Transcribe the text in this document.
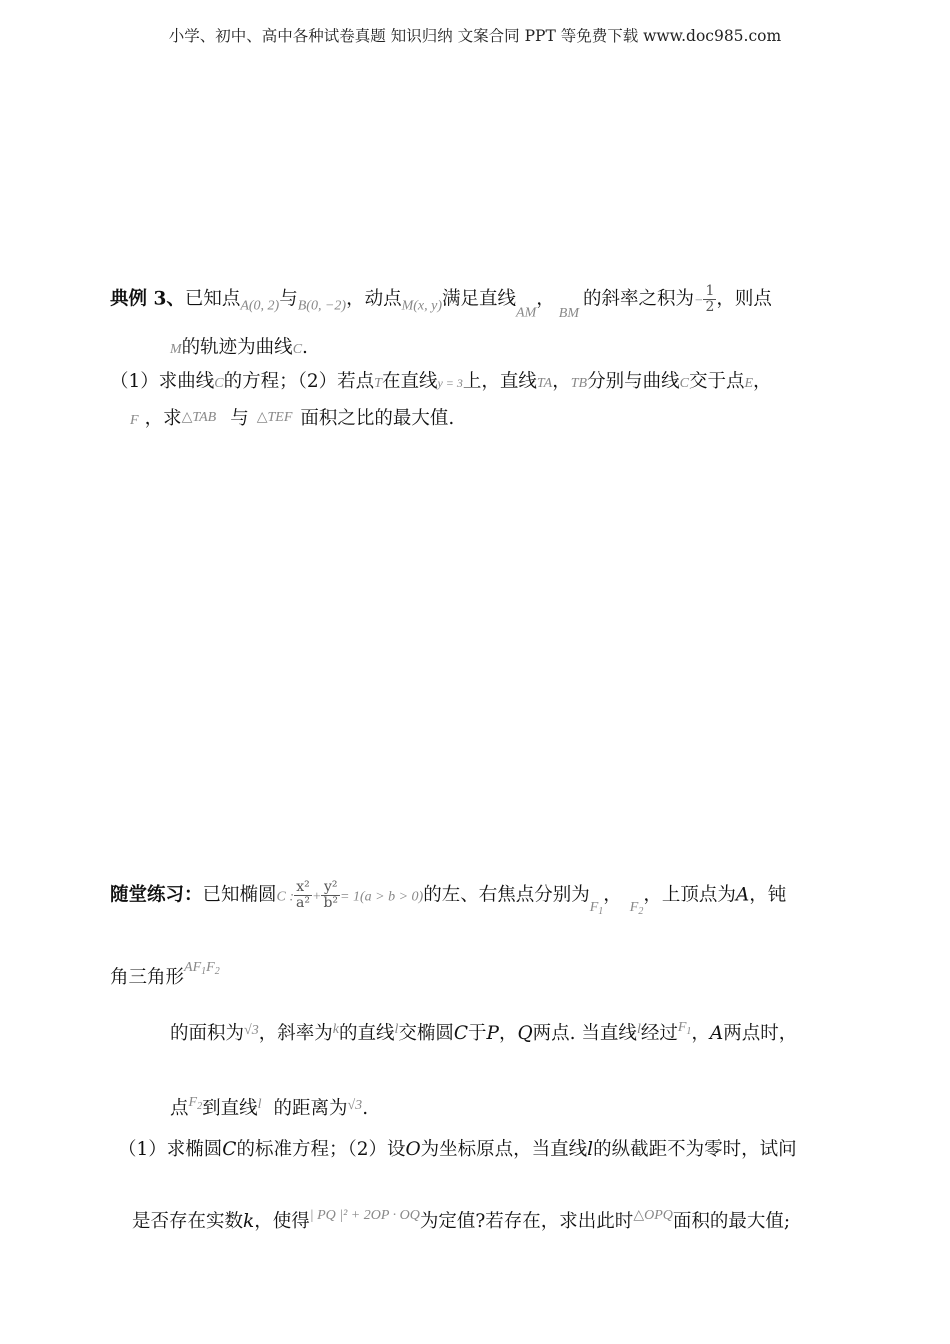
小学、初中、高中各种试卷真题 知识归纳 文案合同 PPT 等免费下载 www.doc985.com
典例 3、已知点$_{A(0, 2)}$与$_{B(0, -2)}$，动点$_{M(x, y)}$满足直线$_{AM}$，$_{BM}$的斜率之积为− $\frac{1}{2}$ ，则点
M的轨迹为曲线C.
（1）求曲线C的方程；（2）若点T在直线y = 3上，直线TA，TB分别与曲线C交于点E，
F ，求△TAB 与 △TEF 面积之比的最大值.
随堂练习：已知椭圆C : $\frac{\text{x²}}{\text{a²}} + \frac{\text{y²}}{\text{b²}} = 1(a > b > 0)$的左、右焦点分别为$_{F_1}$，$_{F_2}$，上顶点为A，钝
角三角形$^{AF_1F_2}$
的面积为$^{√3}$，斜率为$^k$的直线$^l$交椭圆C于P，Q两点. 当直线$^l$经过$^{F_1}$，A两点时，
点$^{F_2}$到直线$^l$ 的距离为$^{√3}$.
（1）求椭圆C的标准方程；（2）设O为坐标原点，当直线l的纵截距不为零时，试问
是否存在实数k，使得$^{| PQ |^2 + 2OP \cdot OQ}$为定值?若存在，求出此时$^{\triangle OPQ}$面积的最大值;
